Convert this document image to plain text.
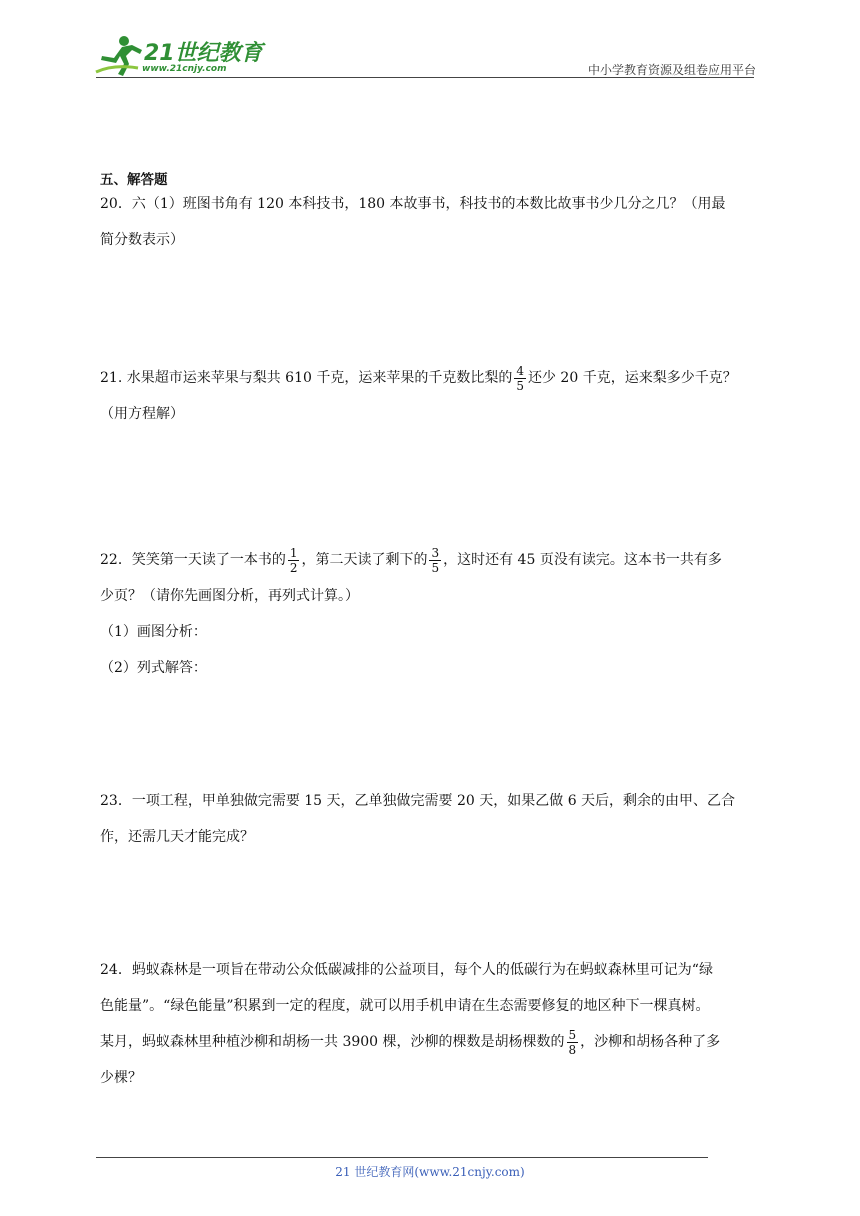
21世纪教育
www.21cnjy.com	中小学教育资源及组卷应用平台
五、解答题

20．六（1）班图书角有 120 本科技书，180 本故事书，科技书的本数比故事书少几分之几？（用最

简分数表示）

21. 水果超市运来苹果与梨共 610 千克，运来苹果的千克数比梨的 $\frac{4}{5}$ 还少 20 千克，运来梨多少千克？

（用方程解）

22．笑笑第一天读了一本书的 $\frac{1}{2}$ ，第二天读了剩下的 $\frac{3}{5}$ ，这时还有 45 页没有读完。这本书一共有多

少页？（请你先画图分析，再列式计算。）

（1）画图分析：

（2）列式解答：

23．一项工程，甲单独做完需要 15 天，乙单独做完需要 20 天，如果乙做 6 天后，剩余的由甲、乙合

作，还需几天才能完成？

24．蚂蚁森林是一项旨在带动公众低碳减排的公益项目，每个人的低碳行为在蚂蚁森林里可记为“绿

色能量”。“绿色能量”积累到一定的程度，就可以用手机申请在生态需要修复的地区种下一棵真树。

某月，蚂蚁森林里种植沙柳和胡杨一共 3900 棵，沙柳的棵数是胡杨棵数的 $\frac{5}{8}$ ，沙柳和胡杨各种了多

少棵？

21 世纪教育网(www.21cnjy.com)
